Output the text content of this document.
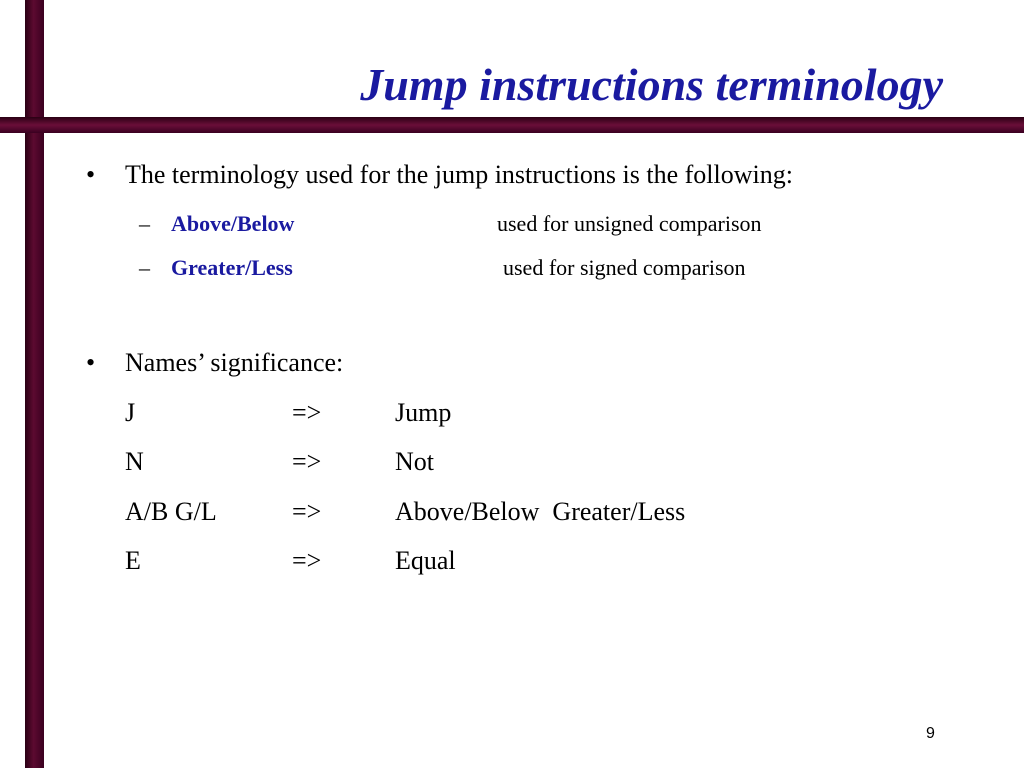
Jump instructions terminology
• The terminology used for the jump instructions is the following:
– Above/Below	used for unsigned comparison
– Greater/Less	used for signed comparison
• Names’ significance:
J	=>	Jump
N	=>	Not
A/B G/L	=>	Above/Below  Greater/Less
E	=>	Equal
9
